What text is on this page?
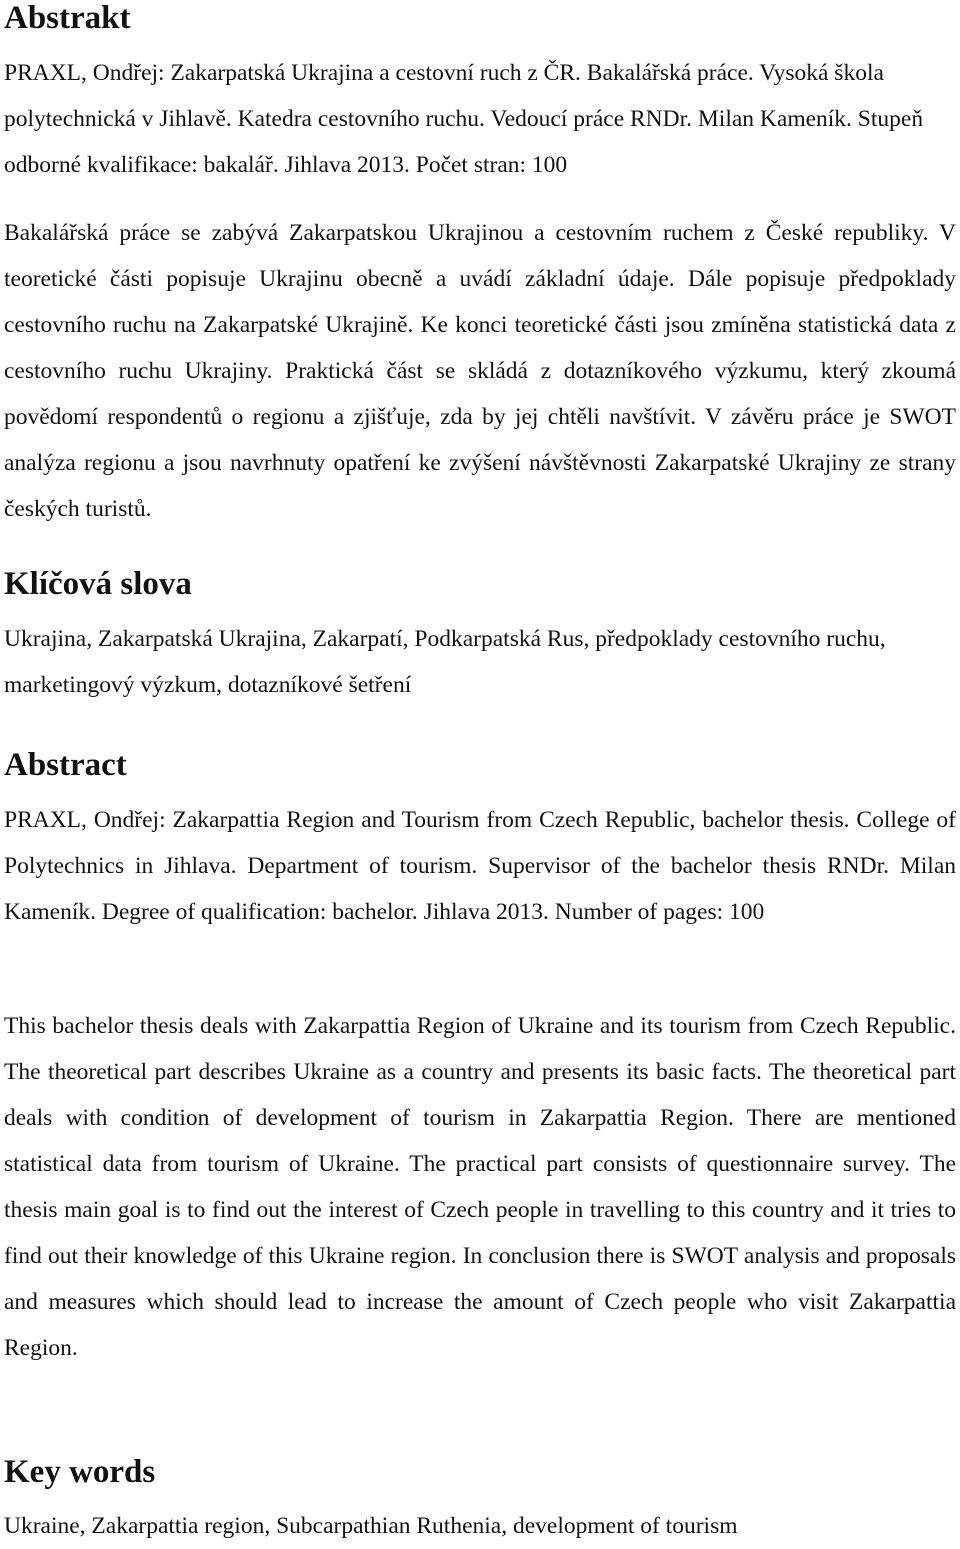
Abstrakt

PRAXL, Ondřej: Zakarpatská Ukrajina a cestovní ruch z ČR. Bakalářská práce. Vysoká škola polytechnická v Jihlavě. Katedra cestovního ruchu. Vedoucí práce RNDr. Milan Kameník. Stupeň odborné kvalifikace: bakalář. Jihlava 2013. Počet stran: 100

Bakalářská práce se zabývá Zakarpatskou Ukrajinou a cestovním ruchem z České republiky. V teoretické části popisuje Ukrajinu obecně a uvádí základní údaje. Dále popisuje předpoklady cestovního ruchu na Zakarpatské Ukrajině. Ke konci teoretické části jsou zmíněna statistická data z cestovního ruchu Ukrajiny. Praktická část se skládá z dotazníkového výzkumu, který zkoumá povědomí respondentů o regionu a zjišťuje, zda by jej chtěli navštívit. V závěru práce je SWOT analýza regionu a jsou navrhnuty opatření ke zvýšení návštěvnosti Zakarpatské Ukrajiny ze strany českých turistů.

Klíčová slova

Ukrajina, Zakarpatská Ukrajina, Zakarpatí, Podkarpatská Rus, předpoklady cestovního ruchu, marketingový výzkum, dotazníkové šetření

Abstract

PRAXL, Ondřej: Zakarpattia Region and Tourism from Czech Republic, bachelor thesis. College of Polytechnics in Jihlava. Department of tourism. Supervisor of the bachelor thesis RNDr. Milan Kameník. Degree of qualification: bachelor. Jihlava 2013. Number of pages: 100

This bachelor thesis deals with Zakarpattia Region of Ukraine and its tourism from Czech Republic. The theoretical part describes Ukraine as a country and presents its basic facts. The theoretical part deals with condition of development of tourism in Zakarpattia Region. There are mentioned statistical data from tourism of Ukraine. The practical part consists of questionnaire survey. The thesis main goal is to find out the interest of Czech people in travelling to this country and it tries to find out their knowledge of this Ukraine region. In conclusion there is SWOT analysis and proposals and measures which should lead to increase the amount of Czech people who visit Zakarpattia Region.

Key words

Ukraine, Zakarpattia region, Subcarpathian Ruthenia, development of tourism
